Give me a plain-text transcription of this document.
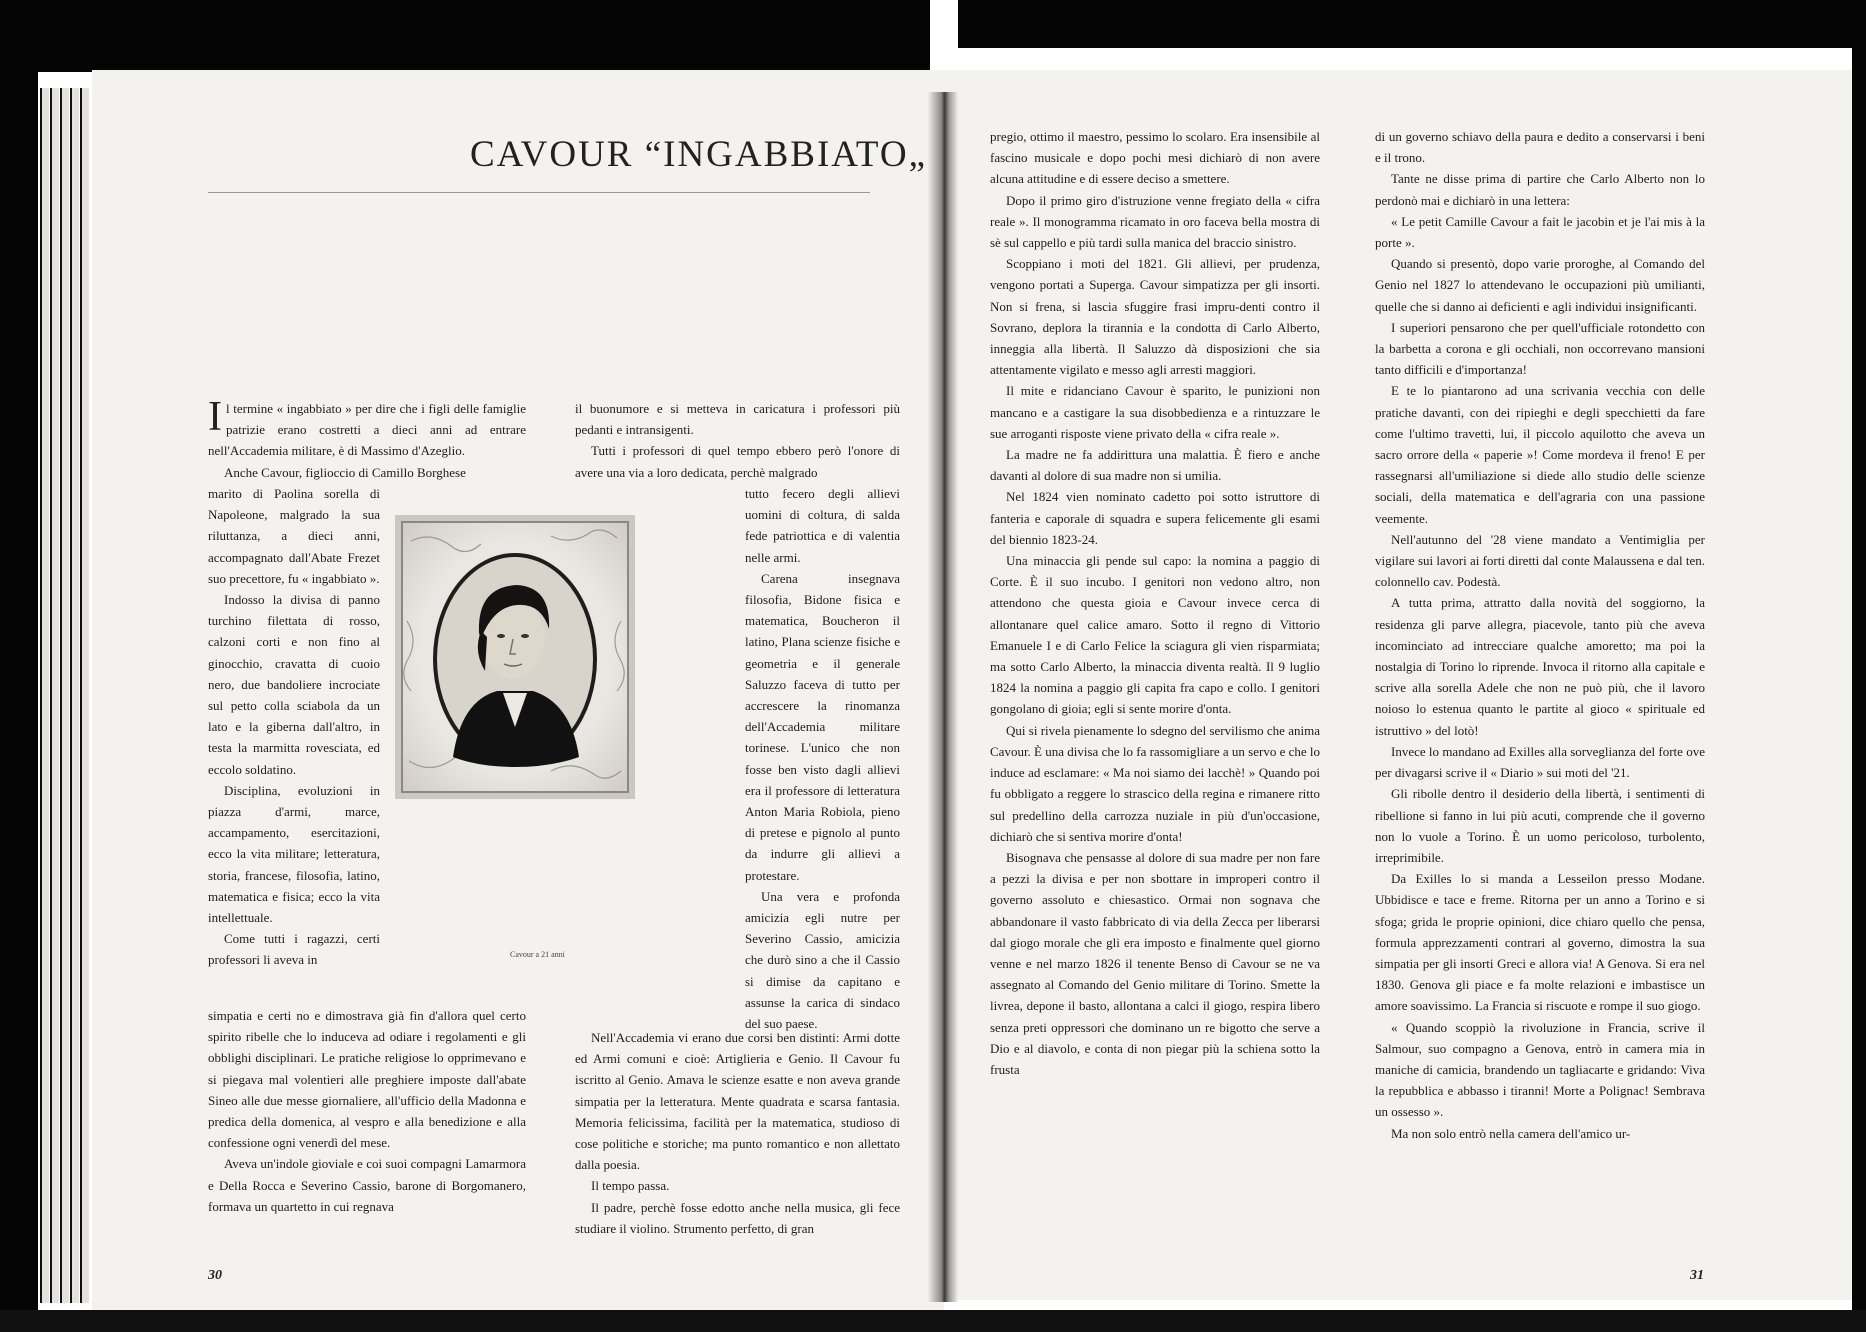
CAVOUR “INGABBIATO„

Il termine « ingabbiato » per dire che i figli delle famiglie patrizie erano costretti a dieci anni ad entrare nell'Accademia militare, è di Massimo d'Azeglio.

Anche Cavour, figlioccio di Camillo Borghese

marito di Paolina sorella di Napoleone, malgrado la sua riluttanza, a dieci anni, accompagnato dall'Abate Frezet suo precettore, fu « ingabbiato ».

Indosso la divisa di panno turchino filettata di rosso, calzoni corti e non fino al ginocchio, cravatta di cuoio nero, due bandoliere incrociate sul petto colla sciabola da un lato e la giberna dall'altro, in testa la marmitta rovesciata, ed eccolo soldatino.

Disciplina, evoluzioni in piazza d'armi, marce, accampamento, esercitazioni, ecco la vita militare; letteratura, storia, francese, filosofia, latino, matematica e fisica; ecco la vita intellettuale.

Come tutti i ragazzi, certi professori li aveva in

simpatia e certi no e dimostrava già fin d'allora quel certo spirito ribelle che lo induceva ad odiare i regolamenti e gli obblighi disciplinari. Le pratiche religiose lo opprimevano e si piegava mal volentieri alle preghiere imposte dall'abate Sineo alle due messe giornaliere, all'ufficio della Madonna e predica della domenica, al vespro e alla benedizione e alla confessione ogni venerdì del mese.

Aveva un'indole gioviale e coi suoi compagni Lamarmora e Della Rocca e Severino Cassio, barone di Borgomanero, formava un quartetto in cui regnava

il buonumore e si metteva in caricatura i professori più pedanti e intransigenti.

Tutti i professori di quel tempo ebbero però l'onore di avere una via a loro dedicata, perchè malgrado

tutto fecero degli allievi uomini di coltura, di salda fede patriottica e di valentia nelle armi.

Carena insegnava filosofia, Bidone fisica e matematica, Boucheron il latino, Plana scienze fisiche e geometria e il generale Saluzzo faceva di tutto per accrescere la rinomanza dell'Accademia militare torinese. L'unico che non fosse ben visto dagli allievi era il professore di letteratura Anton Maria Robiola, pieno di pretese e pignolo al punto da indurre gli allievi a protestare.

Una vera e profonda amicizia egli nutre per Severino Cassio, amicizia che durò sino a che il Cassio si dimise da capitano e assunse la carica di sindaco del suo paese.

Nell'Accademia vi erano due corsi ben distinti: Armi dotte ed Armi comuni e cioè: Artiglieria e Genio. Il Cavour fu iscritto al Genio. Amava le scienze esatte e non aveva grande simpatia per la letteratura. Mente quadrata e scarsa fantasia. Memoria felicissima, facilità per la matematica, studioso di cose politiche e storiche; ma punto romantico e non allettato dalla poesia.

Il tempo passa.

Il padre, perchè fosse edotto anche nella musica, gli fece studiare il violino. Strumento perfetto, di gran

Cavour a 21 anni
30

pregio, ottimo il maestro, pessimo lo scolaro. Era insensibile al fascino musicale e dopo pochi mesi dichiarò di non avere alcuna attitudine e di essere deciso a smettere.

Dopo il primo giro d'istruzione venne fregiato della « cifra reale ». Il monogramma ricamato in oro faceva bella mostra di sè sul cappello e più tardi sulla manica del braccio sinistro.

Scoppiano i moti del 1821. Gli allievi, per prudenza, vengono portati a Superga. Cavour simpatizza per gli insorti. Non si frena, si lascia sfuggire frasi impru-denti contro il Sovrano, deplora la tirannia e la condotta di Carlo Alberto, inneggia alla libertà. Il Saluzzo dà disposizioni che sia attentamente vigilato e messo agli arresti maggiori.

Il mite e ridanciano Cavour è sparito, le punizioni non mancano e a castigare la sua disobbedienza e a rintuzzare le sue arroganti risposte viene privato della « cifra reale ».

La madre ne fa addirittura una malattia. È fiero e anche davanti al dolore di sua madre non si umilia.

Nel 1824 vien nominato cadetto poi sotto istruttore di fanteria e caporale di squadra e supera felicemente gli esami del biennio 1823-24.

Una minaccia gli pende sul capo: la nomina a paggio di Corte. È il suo incubo. I genitori non vedono altro, non attendono che questa gioia e Cavour invece cerca di allontanare quel calice amaro. Sotto il regno di Vittorio Emanuele I e di Carlo Felice la sciagura gli vien risparmiata; ma sotto Carlo Alberto, la minaccia diventa realtà. Il 9 luglio 1824 la nomina a paggio gli capita fra capo e collo. I genitori gongolano di gioia; egli si sente morire d'onta.

Qui si rivela pienamente lo sdegno del servilismo che anima Cavour. È una divisa che lo fa rassomigliare a un servo e che lo induce ad esclamare: « Ma noi siamo dei lacchè! » Quando poi fu obbligato a reggere lo strascico della regina e rimanere ritto sul predellino della carrozza nuziale in più d'un'occasione, dichiarò che si sentiva morire d'onta!

Bisognava che pensasse al dolore di sua madre per non fare a pezzi la divisa e per non sbottare in improperi contro il governo assoluto e chiesastico. Ormai non sognava che abbandonare il vasto fabbricato di via della Zecca per liberarsi dal giogo morale che gli era imposto e finalmente quel giorno venne e nel marzo 1826 il tenente Benso di Cavour se ne va assegnato al Comando del Genio militare di Torino. Smette la livrea, depone il basto, allontana a calci il giogo, respira libero senza preti oppressori che dominano un re bigotto che serve a Dio e al diavolo, e conta di non piegar più la schiena sotto la frusta

di un governo schiavo della paura e dedito a conservarsi i beni e il trono.

Tante ne disse prima di partire che Carlo Alberto non lo perdonò mai e dichiarò in una lettera:

« Le petit Camille Cavour a fait le jacobin et je l'ai mis à la porte ».

Quando si presentò, dopo varie proroghe, al Comando del Genio nel 1827 lo attendevano le occupazioni più umilianti, quelle che si danno ai deficienti e agli individui insignificanti.

I superiori pensarono che per quell'ufficiale rotondetto con la barbetta a corona e gli occhiali, non occorrevano mansioni tanto difficili e d'importanza!

E te lo piantarono ad una scrivania vecchia con delle pratiche davanti, con dei ripieghi e degli specchietti da fare come l'ultimo travetti, lui, il piccolo aquilotto che aveva un sacro orrore della « paperie »! Come mordeva il freno! E per rassegnarsi all'umiliazione si diede allo studio delle scienze sociali, della matematica e dell'agraria con una passione veemente.

Nell'autunno del '28 viene mandato a Ventimiglia per vigilare sui lavori ai forti diretti dal conte Malaussena e dal ten. colonnello cav. Podestà.

A tutta prima, attratto dalla novità del soggiorno, la residenza gli parve allegra, piacevole, tanto più che aveva incominciato ad intrecciare qualche amoretto; ma poi la nostalgia di Torino lo riprende. Invoca il ritorno alla capitale e scrive alla sorella Adele che non ne può più, che il lavoro noioso lo estenua quanto le partite al gioco « spirituale ed istruttivo » del lotò!

Invece lo mandano ad Exilles alla sorveglianza del forte ove per divagarsi scrive il « Diario » sui moti del '21.

Gli ribolle dentro il desiderio della libertà, i sentimenti di ribellione si fanno in lui più acuti, comprende che il governo non lo vuole a Torino. È un uomo pericoloso, turbolento, irreprimibile.

Da Exilles lo si manda a Lesseilon presso Modane. Ubbidisce e tace e freme. Ritorna per un anno a Torino e si sfoga; grida le proprie opinioni, dice chiaro quello che pensa, formula apprezzamenti contrari al governo, dimostra la sua simpatia per gli insorti Greci e allora via! A Genova. Si era nel 1830. Genova gli piace e fa molte relazioni e imbastisce un amore soavissimo. La Francia si riscuote e rompe il suo giogo.

« Quando scoppiò la rivoluzione in Francia, scrive il Salmour, suo compagno a Genova, entrò in camera mia in maniche di camicia, brandendo un tagliacarte e gridando: Viva la repubblica e abbasso i tiranni! Morte a Polignac! Sembrava un ossesso ».

Ma non solo entrò nella camera dell'amico ur-

31
